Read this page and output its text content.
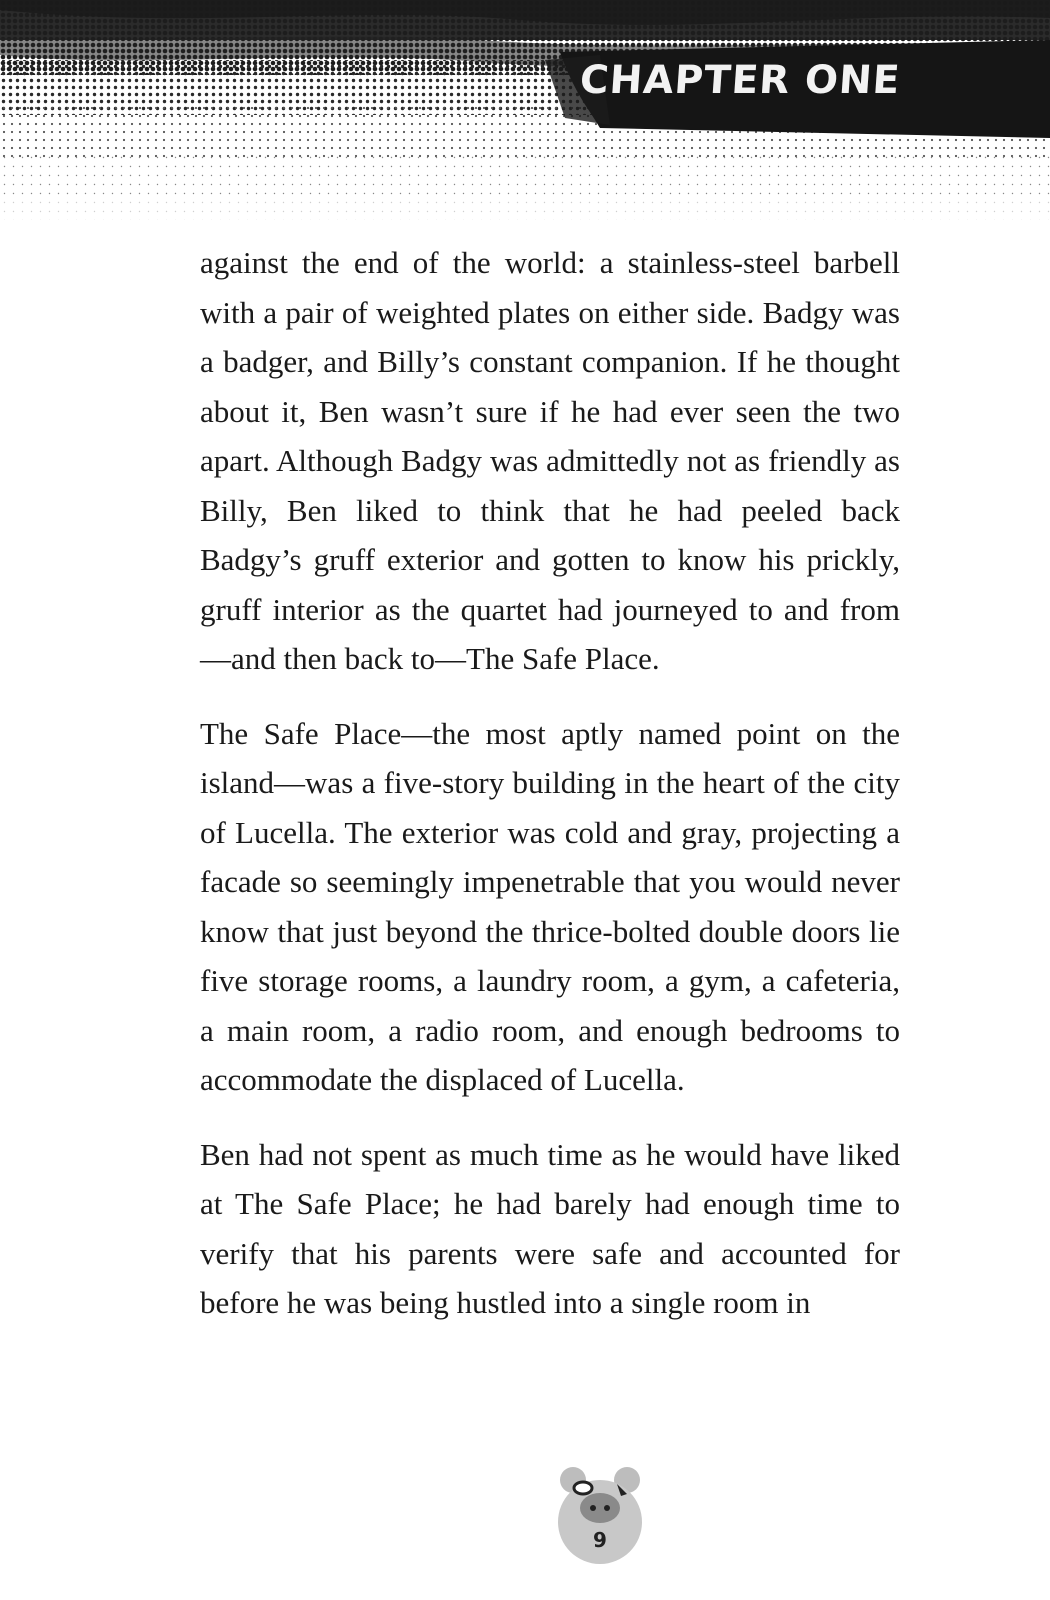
CHAPTER ONE

against the end of the world: a stainless-steel barbell with a pair of weighted plates on either side. Badgy was a badger, and Billy’s constant companion. If he thought about it, Ben wasn’t sure if he had ever seen the two apart. Although Badgy was admittedly not as friendly as Billy, Ben liked to think that he had peeled back Badgy’s gruff exterior and gotten to know his prickly, gruff interior as the quartet had journeyed to and from—and then back to—The Safe Place.

The Safe Place—the most aptly named point on the island—was a five-story building in the heart of the city of Lucella. The exterior was cold and gray, projecting a facade so seemingly impenetrable that you would never know that just beyond the thrice-bolted double doors lie five storage rooms, a laundry room, a gym, a cafeteria, a main room, a radio room, and enough bedrooms to accommodate the displaced of Lucella.

Ben had not spent as much time as he would have liked at The Safe Place; he had barely had enough time to verify that his parents were safe and accounted for before he was being hustled into a single room in

9
